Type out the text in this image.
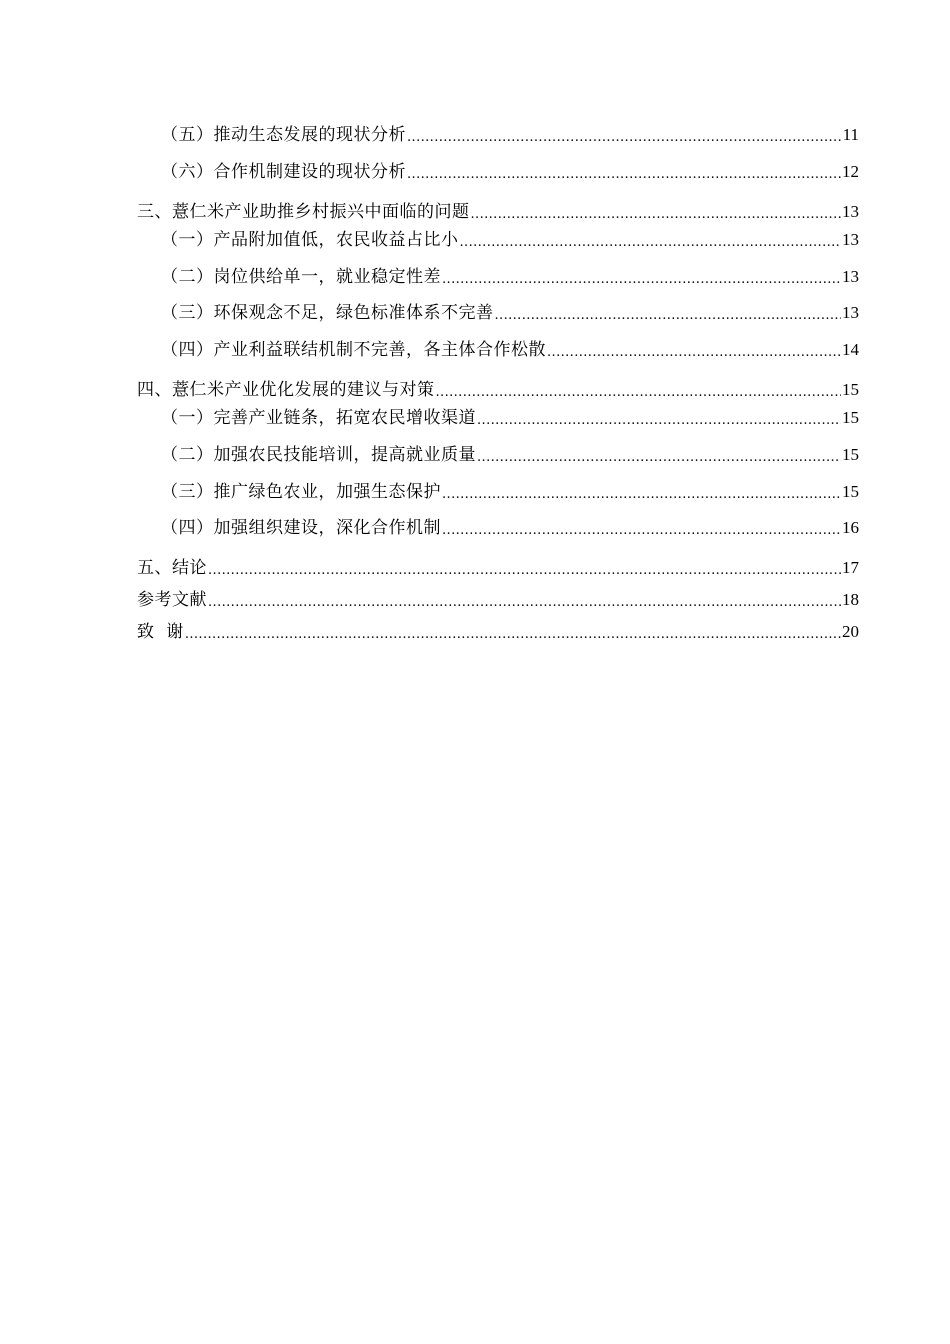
（五）推动生态发展的现状分析 .....	11
（六）合作机制建设的现状分析 .....	12
三、薏仁米产业助推乡村振兴中面临的问题 .....	13
（一）产品附加值低，农民收益占比小 .....	13
（二）岗位供给单一，就业稳定性差 .....	13
（三）环保观念不足，绿色标准体系不完善 .....	13
（四）产业利益联结机制不完善，各主体合作松散 .....	14
四、薏仁米产业优化发展的建议与对策 .....	15
（一）完善产业链条，拓宽农民增收渠道 .....	15
（二）加强农民技能培训，提高就业质量 .....	15
（三）推广绿色农业，加强生态保护 .....	15
（四）加强组织建设，深化合作机制 .....	16
五、结论 .....	17
参考文献 .....	18
致  谢 .....	20
